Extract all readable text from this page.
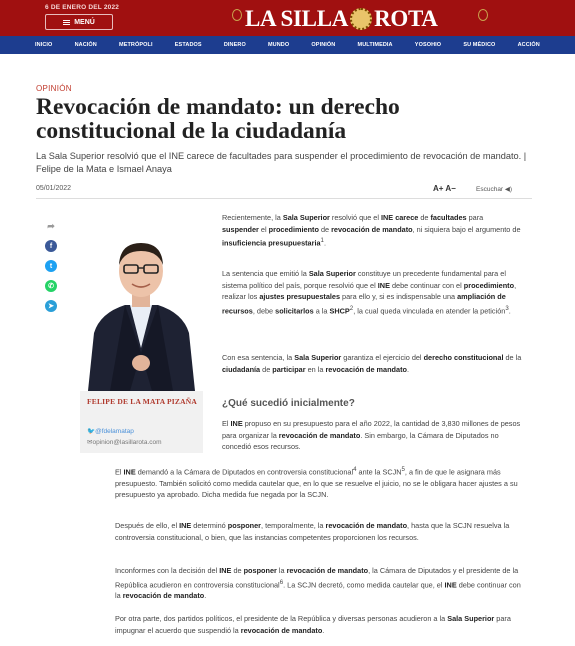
6 DE ENERO DEL 2022
MENÚ	LA SILLA ROTA
INICIO	NACIÓN	METRÓPOLI	ESTADOS	DINERO	MUNDO	OPINIÓN	MULTIMEDIA	YOSOHIO	SU MÉDICO	ACCIÓN
OPINIÓN
Revocación de mandato: un derecho constitucional de la ciudadanía

La Sala Superior resolvió que el INE carece de facultades para suspender el procedimiento de revocación de mandato. | Felipe de la Mata e Ismael Anaya

05/01/2022	A+ A−	Escuchar ◀)
➦
f
t
✆
➤
FELIPE DE LA MATA PIZAÑA
🐦@fdelamatap
✉opinion@lasillarota.com

Recientemente, la Sala Superior resolvió que el INE carece de facultades para suspender el procedimiento de revocación de mandato, ni siquiera bajo el argumento de insuficiencia presupuestaria$^1$.

La sentencia que emitió la Sala Superior constituye un precedente fundamental para el sistema político del país, porque resolvió que el INE debe continuar con el procedimiento, realizar los ajustes presupuestales para ello y, si es indispensable una ampliación de recursos, debe solicitarlos a la SHCP$^2$, la cual queda vinculada en atender la petición$^3$.

Con esa sentencia, la Sala Superior garantiza el ejercicio del derecho constitucional de la ciudadanía de participar en la revocación de mandato.

¿Qué sucedió inicialmente?

El INE propuso en su presupuesto para el año 2022, la cantidad de 3,830 millones de pesos para organizar la revocación de mandato. Sin embargo, la Cámara de Diputados no concedió esos recursos.

El INE demandó a la Cámara de Diputados en controversia constitucional$^4$ ante la SCJN$^5$, a fin de que le asignara más presupuesto. También solicitó como medida cautelar que, en lo que se resuelve el juicio, no se le obligara hacer ajustes a su presupuesto ya aprobado. Dicha medida fue negada por la SCJN.

Después de ello, el INE determinó posponer, temporalmente, la revocación de mandato, hasta que la SCJN resuelva la controversia constitucional, o bien, que las instancias competentes proporcionen los recursos.

Inconformes con la decisión del INE de posponer la revocación de mandato, la Cámara de Diputados y el presidente de la República acudieron en controversia constitucional$^6$. La SCJN decretó, como medida cautelar que, el INE debe continuar con la revocación de mandato.

Por otra parte, dos partidos políticos, el presidente de la República y diversas personas acudieron a la Sala Superior para impugnar el acuerdo que suspendió la revocación de mandato.
